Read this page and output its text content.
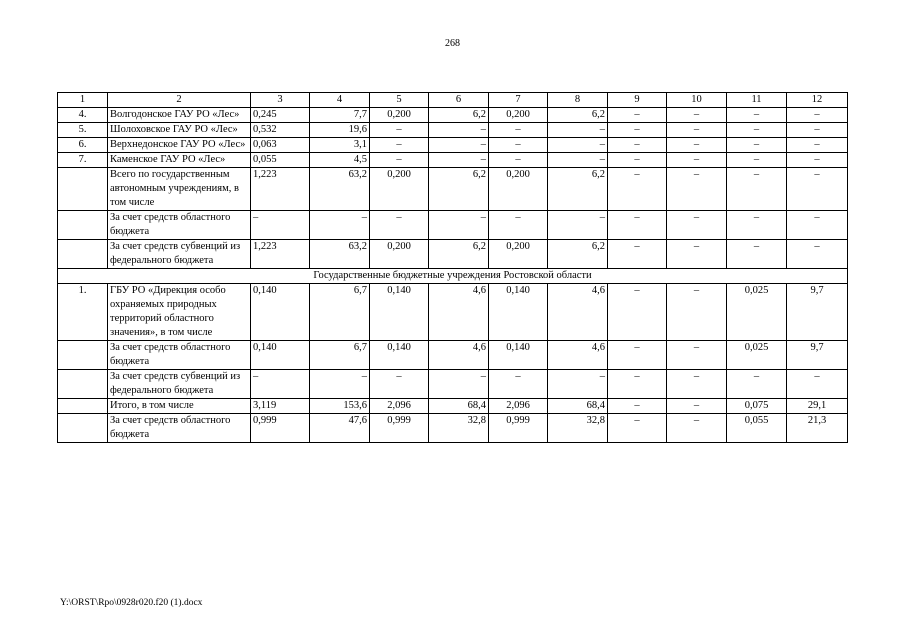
268
1	2	3	4	5	6	7	8	9	10	11	12
4.	Волгодонское ГАУ РО «Лес»	0,245	7,7	0,200	6,2	0,200	6,2	–	–	–	–
5.	Шолоховское ГАУ РО «Лес»	0,532	19,6	–	–	–	–	–	–	–	–
6.	Верхнедонское ГАУ РО «Лес»	0,063	3,1	–	–	–	–	–	–	–	–
7.	Каменское ГАУ РО «Лес»	0,055	4,5	–	–	–	–	–	–	–	–
	Всего по государственным автономным учреждениям, в том числе	1,223	63,2	0,200	6,2	0,200	6,2	–	–	–	–
	За счет средств областного бюджета	–	–	–	–	–	–	–	–	–	–
	За счет средств субвенций из федерального бюджета	1,223	63,2	0,200	6,2	0,200	6,2	–	–	–	–
Государственные бюджетные учреждения Ростовской области											
1.	ГБУ РО «Дирекция особо охраняемых природных территорий областного значения», в том числе	0,140	6,7	0,140	4,6	0,140	4,6	–	–	0,025	9,7
	За счет средств областного бюджета	0,140	6,7	0,140	4,6	0,140	4,6	–	–	0,025	9,7
	За счет средств субвенций из федерального бюджета	–	–	–	–	–	–	–	–	–	–
	Итого, в том числе	3,119	153,6	2,096	68,4	2,096	68,4	–	–	0,075	29,1
	За счет средств областного бюджета	0,999	47,6	0,999	32,8	0,999	32,8	–	–	0,055	21,3
Y:\ORST\Rpo\0928r020.f20 (1).docx
